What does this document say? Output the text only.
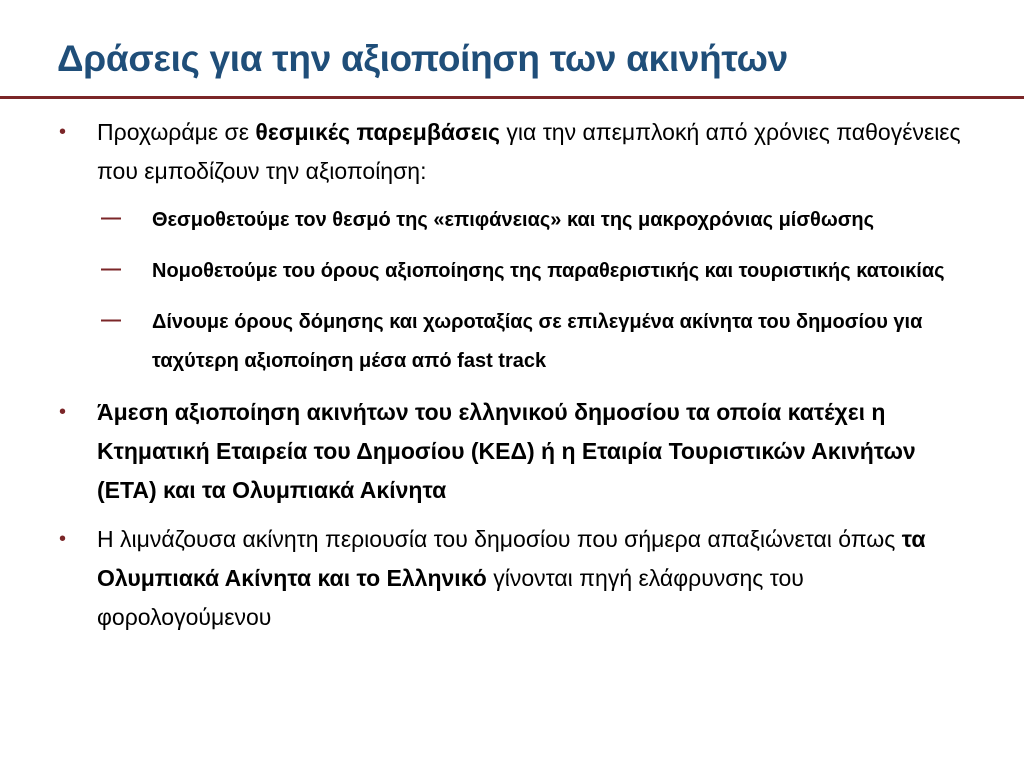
Δράσεις για την αξιοποίηση των ακινήτων
• Προχωράμε σε θεσμικές παρεμβάσεις για την απεμπλοκή από χρόνιες παθογένειες που εμποδίζουν την αξιοποίηση:
—	Θεσμοθετούμε τον θεσμό της «επιφάνειας» και της μακροχρόνιας μίσθωσης
—	Νομοθετούμε του όρους αξιοποίησης της παραθεριστικής και τουριστικής κατοικίας
—	Δίνουμε όρους δόμησης και χωροταξίας σε επιλεγμένα ακίνητα του δημοσίου για ταχύτερη αξιοποίηση μέσα από fast track
• Άμεση αξιοποίηση ακινήτων του ελληνικού δημοσίου τα οποία κατέχει η Κτηματική Εταιρεία του Δημοσίου (ΚΕΔ) ή η Εταιρία Τουριστικών Ακινήτων (ΕΤΑ) και τα Ολυμπιακά Ακίνητα
• Η λιμνάζουσα ακίνητη περιουσία του δημοσίου που σήμερα απαξιώνεται όπως τα Ολυμπιακά Ακίνητα και το Ελληνικό γίνονται πηγή ελάφρυνσης του φορολογούμενου
